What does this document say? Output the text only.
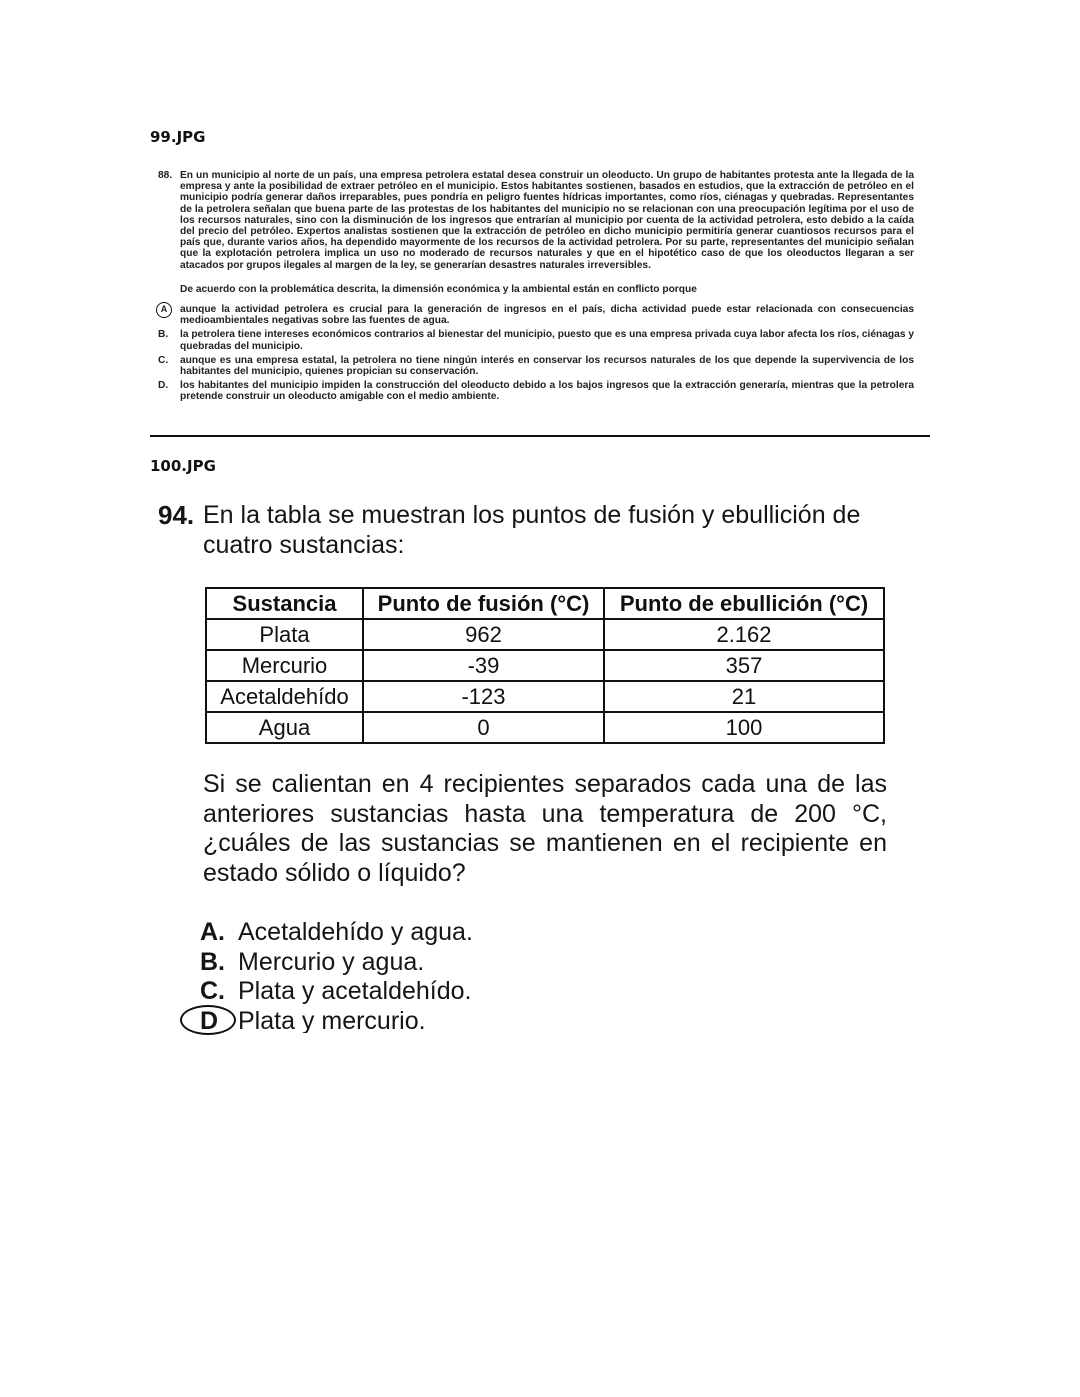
99.JPG
88. En un municipio al norte de un país, una empresa petrolera estatal desea construir un oleoducto. Un grupo de habitantes protesta ante la llegada de la empresa y ante la posibilidad de extraer petróleo en el municipio. Estos habitantes sostienen, basados en estudios, que la extracción de petróleo en el municipio podría generar daños irreparables, pues pondría en peligro fuentes hídricas importantes, como ríos, ciénagas y quebradas. Representantes de la petrolera señalan que buena parte de las protestas de los habitantes del municipio no se relacionan con una preocupación legítima por el uso de los recursos naturales, sino con la disminución de los ingresos que entrarían al municipio por cuenta de la actividad petrolera, esto debido a la caída del precio del petróleo. Expertos analistas sostienen que la extracción de petróleo en dicho municipio permitiría generar cuantiosos recursos para el país que, durante varios años, ha dependido mayormente de los recursos de la actividad petrolera. Por su parte, representantes del municipio señalan que la explotación petrolera implica un uso no moderado de recursos naturales y que en el hipotético caso de que los oleoductos llegaran a ser atacados por grupos ilegales al margen de la ley, se generarían desastres naturales irreversibles.

De acuerdo con la problemática descrita, la dimensión económica y la ambiental están en conflicto porque

A	aunque la actividad petrolera es crucial para la generación de ingresos en el país, dicha actividad puede estar relacionada con consecuencias medioambientales negativas sobre las fuentes de agua.
B. la petrolera tiene intereses económicos contrarios al bienestar del municipio, puesto que es una empresa privada cuya labor afecta los ríos, ciénagas y quebradas del municipio.
C. aunque es una empresa estatal, la petrolera no tiene ningún interés en conservar los recursos naturales de los que depende la supervivencia de los habitantes del municipio, quienes propician su conservación.
D. los habitantes del municipio impiden la construcción del oleoducto debido a los bajos ingresos que la extracción generaría, mientras que la petrolera pretende construir un oleoducto amigable con el medio ambiente.
100.JPG
94. En la tabla se muestran los puntos de fusión y ebullición de cuatro sustancias:

Sustancia	Punto de fusión (°C)	Punto de ebullición (°C)
Plata	962	2.162
Mercurio	-39	357
Acetaldehído	-123	21
Agua	0	100

Si se calientan en 4 recipientes separados cada una de las anteriores sustancias hasta una temperatura de 200 °C, ¿cuáles de las sustancias se mantienen en el recipiente en estado sólido o líquido?

A. Acetaldehído y agua.
B. Mercurio y agua.
C. Plata y acetaldehído.
D Plata y mercurio.
